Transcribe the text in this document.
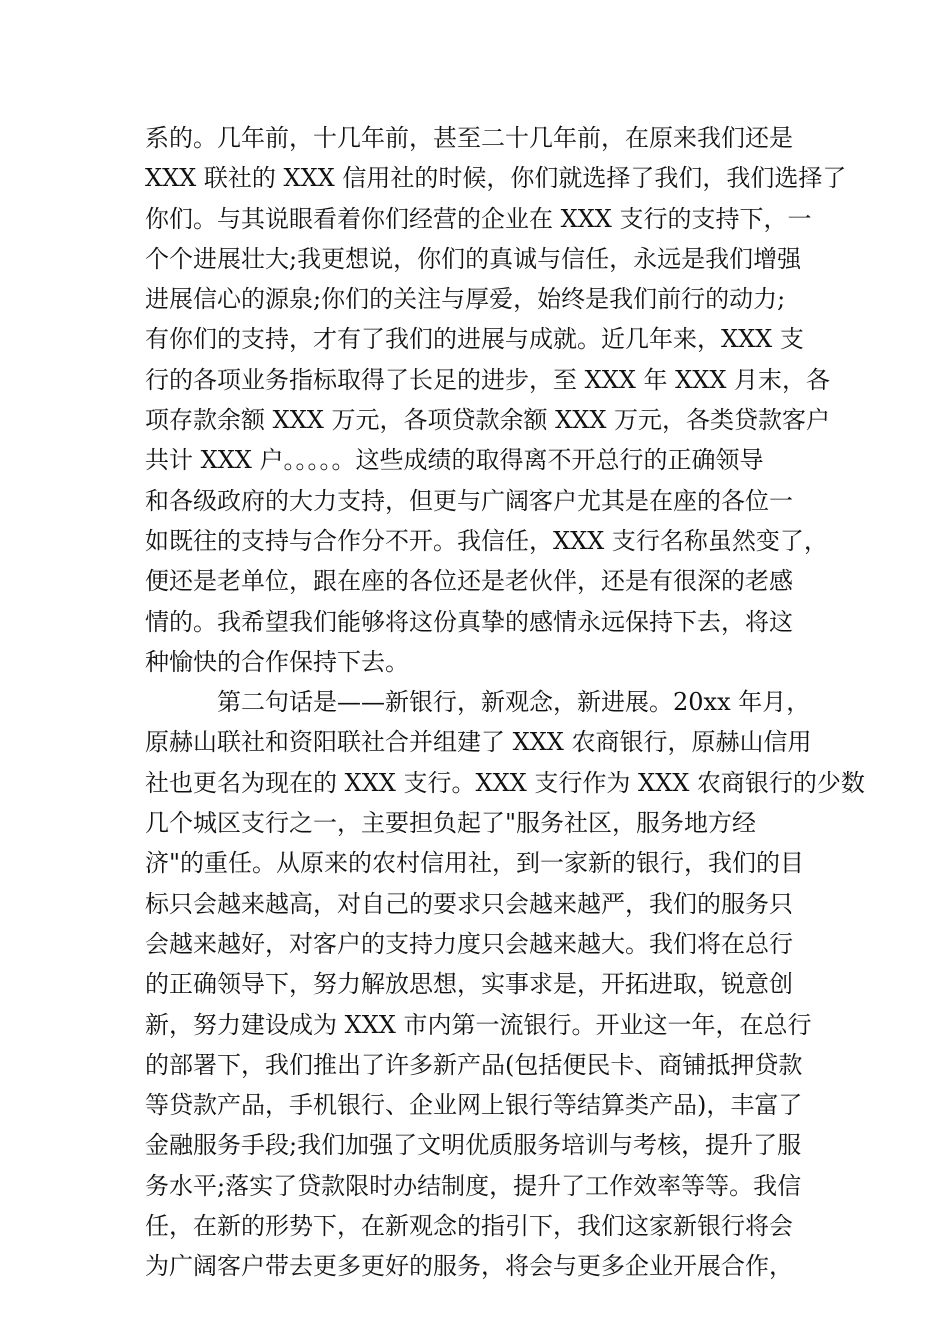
系的。几年前，十几年前，甚至二十几年前，在原来我们还是
XXX 联社的 XXX 信用社的时候，你们就选择了我们，我们选择了
你们。与其说眼看着你们经营的企业在 XXX 支行的支持下，一
个个进展壮大;我更想说，你们的真诚与信任，永远是我们增强
进展信心的源泉;你们的关注与厚爱，始终是我们前行的动力;
有你们的支持，才有了我们的进展与成就。近几年来，XXX 支
行的各项业务指标取得了长足的进步，至 XXX 年 XXX 月末，各
项存款余额 XXX 万元，各项贷款余额 XXX 万元，各类贷款客户
共计 XXX 户。。。。。这些成绩的取得离不开总行的正确领导
和各级政府的大力支持，但更与广阔客户尤其是在座的各位一
如既往的支持与合作分不开。我信任，XXX 支行名称虽然变了，
便还是老单位，跟在座的各位还是老伙伴，还是有很深的老感
情的。我希望我们能够将这份真挚的感情永远保持下去，将这
种愉快的合作保持下去。
第二句话是——新银行，新观念，新进展。20xx 年月，
原赫山联社和资阳联社合并组建了 XXX 农商银行，原赫山信用
社也更名为现在的 XXX 支行。XXX 支行作为 XXX 农商银行的少数
几个城区支行之一，主要担负起了"服务社区，服务地方经
济"的重任。从原来的农村信用社，到一家新的银行，我们的目
标只会越来越高，对自己的要求只会越来越严，我们的服务只
会越来越好，对客户的支持力度只会越来越大。我们将在总行
的正确领导下，努力解放思想，实事求是，开拓进取，锐意创
新，努力建设成为 XXX 市内第一流银行。开业这一年，在总行
的部署下，我们推出了许多新产品(包括便民卡、商铺抵押贷款
等贷款产品，手机银行、企业网上银行等结算类产品)，丰富了
金融服务手段;我们加强了文明优质服务培训与考核，提升了服
务水平;落实了贷款限时办结制度，提升了工作效率等等。我信
任，在新的形势下，在新观念的指引下，我们这家新银行将会
为广阔客户带去更多更好的服务，将会与更多企业开展合作，
